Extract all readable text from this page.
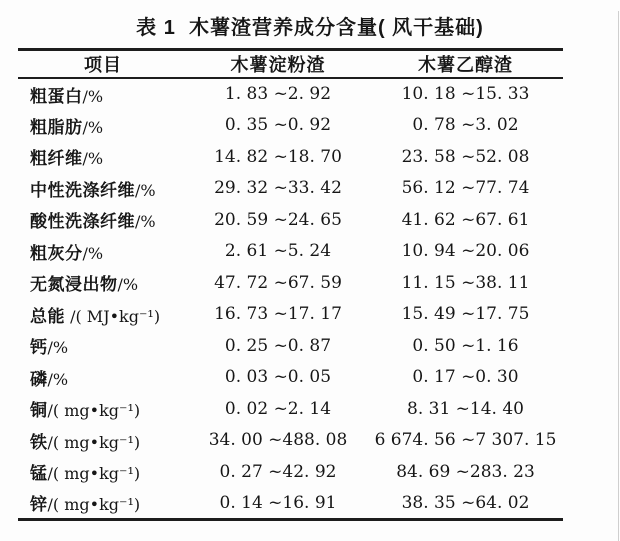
表 1  木薯渣营养成分含量( 风干基础)
项目	木薯淀粉渣	木薯乙醇渣
粗蛋白/%	1. 83 ~2. 92	10. 18 ~15. 33
粗脂肪/%	0. 35 ~0. 92	0. 78 ~3. 02
粗纤维/%	14. 82 ~18. 70	23. 58 ~52. 08
中性洗涤纤维/%	29. 32 ~33. 42	56. 12 ~77. 74
酸性洗涤纤维/%	20. 59 ~24. 65	41. 62 ~67. 61
粗灰分/%	2. 61 ~5. 24	10. 94 ~20. 06
无氮浸出物/%	47. 72 ~67. 59	11. 15 ~38. 11
总能 /( MJ•kg⁻¹)	16. 73 ~17. 17	15. 49 ~17. 75
钙/%	0. 25 ~0. 87	0. 50 ~1. 16
磷/%	0. 03 ~0. 05	0. 17 ~0. 30
铜/( mg•kg⁻¹)	0. 02 ~2. 14	8. 31 ~14. 40
铁/( mg•kg⁻¹)	34. 00 ~488. 08	6 674. 56 ~7 307. 15
锰/( mg•kg⁻¹)	0. 27 ~42. 92	84. 69 ~283. 23
锌/( mg•kg⁻¹)	0. 14 ~16. 91	38. 35 ~64. 02
